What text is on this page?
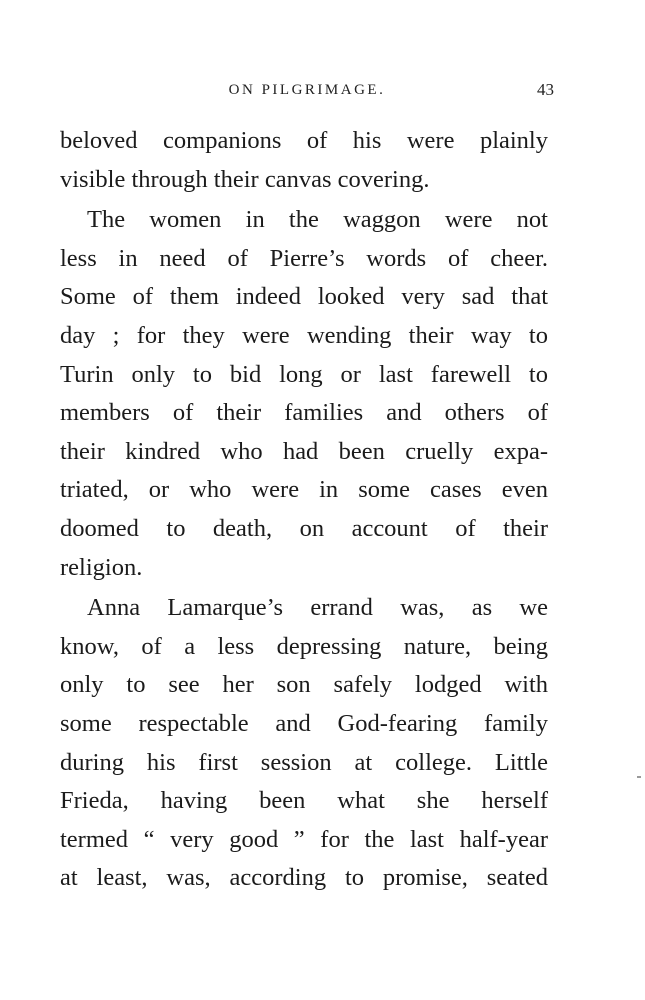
ON PILGRIMAGE.	43
beloved companions of his were plainly
visible through their canvas covering.
The women in the waggon were not
less in need of Pierre’s words of cheer.
Some of them indeed looked very sad that
day ; for they were wending their way to
Turin only to bid long or last farewell to
members of their families and others of
their kindred who had been cruelly expa-
triated, or who were in some cases even
doomed to death, on account of their
religion.
Anna Lamarque’s errand was, as we
know, of a less depressing nature, being
only to see her son safely lodged with
some respectable and God-fearing family
during his first session at college. Little
Frieda, having been what she herself
termed “ very good ” for the last half-year
at least, was, according to promise, seated
